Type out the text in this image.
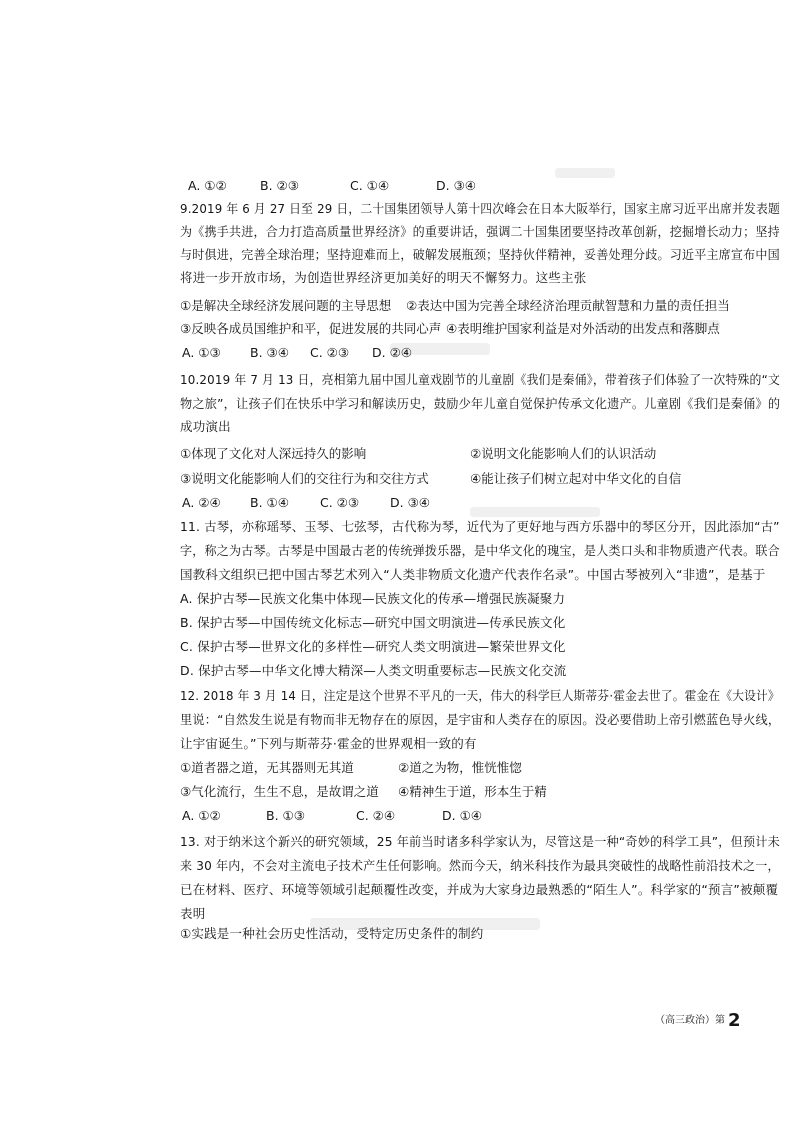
A. ①②	B. ②③	C. ①④	D. ③④
9.2019 年 6 月 27 日至 29 日，二十国集团领导人第十四次峰会在日本大阪举行，国家主席习近平出席并发表题
为《携手共进，合力打造高质量世界经济》的重要讲话，强调二十国集团要坚持改革创新，挖掘增长动力；坚持
与时俱进，完善全球治理；坚持迎难而上，破解发展瓶颈；坚持伙伴精神，妥善处理分歧。习近平主席宣布中国
将进一步开放市场，为创造世界经济更加美好的明天不懈努力。这些主张
①是解决全球经济发展问题的主导思想 ②表达中国为完善全球经济治理贡献智慧和力量的责任担当
③反映各成员国维护和平，促进发展的共同心声 ④表明维护国家利益是对外活动的出发点和落脚点
A. ①③ B. ③④ C. ②③ D. ②④
10.2019 年 7 月 13 日，亮相第九届中国儿童戏剧节的儿童剧《我们是秦俑》，带着孩子们体验了一次特殊的“文
物之旅”，让孩子们在快乐中学习和解读历史，鼓励少年儿童自觉保护传承文化遗产。儿童剧《我们是秦俑》的
成功演出
①体现了文化对人深远持久的影响	②说明文化能影响人们的认识活动
③说明文化能影响人们的交往行为和交往方式	④能让孩子们树立起对中华文化的自信
A. ②④ B. ①④ C. ②③ D. ③④
11. 古琴，亦称瑶琴、玉琴、七弦琴，古代称为琴，近代为了更好地与西方乐器中的琴区分开，因此添加“古”
字，称之为古琴。古琴是中国最古老的传统弹拨乐器，是中华文化的瑰宝，是人类口头和非物质遗产代表。联合
国教科文组织已把中国古琴艺术列入“人类非物质文化遗产代表作名录”。中国古琴被列入“非遗”，是基于
A. 保护古琴—民族文化集中体现—民族文化的传承—增强民族凝聚力
B. 保护古琴—中国传统文化标志—研究中国文明演进—传承民族文化
C. 保护古琴—世界文化的多样性—研究人类文明演进—繁荣世界文化
D. 保护古琴—中华文化博大精深—人类文明重要标志—民族文化交流
12. 2018 年 3 月 14 日，注定是这个世界不平凡的一天，伟大的科学巨人斯蒂芬·霍金去世了。霍金在《大设计》
里说：“自然发生说是有物而非无物存在的原因，是宇宙和人类存在的原因。没必要借助上帝引燃蓝色导火线，
让宇宙诞生。”下列与斯蒂芬·霍金的世界观相一致的有
①道者器之道，无其器则无其道	②道之为物，惟恍惟惚
③气化流行，生生不息，是故谓之道 ④精神生于道，形本生于精
A. ①②	B. ①③	C. ②④	D. ①④
13. 对于纳米这个新兴的研究领域，25 年前当时诸多科学家认为，尽管这是一种“奇妙的科学工具”，但预计未
来 30 年内，不会对主流电子技术产生任何影响。然而今天，纳米科技作为最具突破性的战略性前沿技术之一，
已在材料、医疗、环境等领域引起颠覆性改变，并成为大家身边最熟悉的“陌生人”。科学家的“预言”被颠覆
表明
①实践是一种社会历史性活动，受特定历史条件的制约
（高三政治）第 2
